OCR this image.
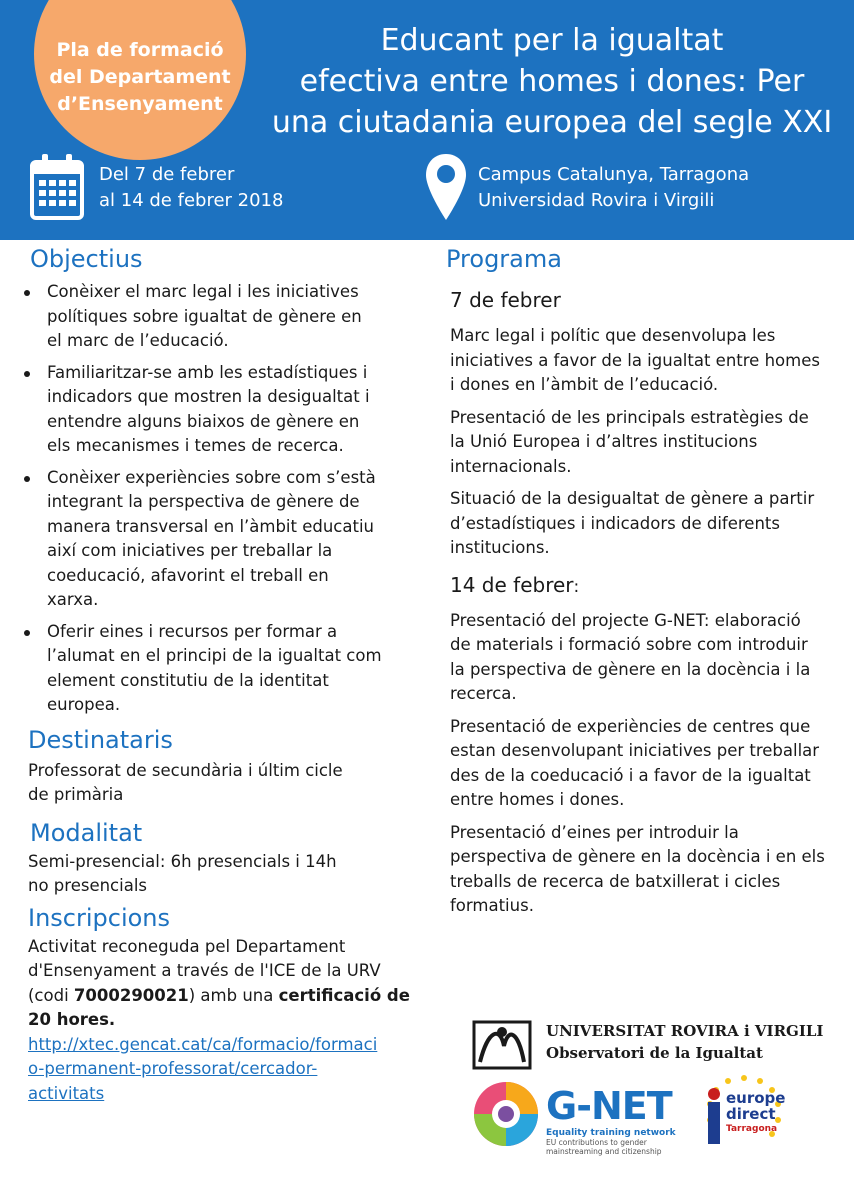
Pla de formació
del Departament
d’Ensenyament
Educant per la igualtat
efectiva entre homes i dones: Per
una ciutadania europea del segle XXI
Del 7 de febrer
al 14 de febrer 2018
Campus Catalunya, Tarragona
Universidad Rovira i Virgili
Objectius
Conèixer el marc legal i les iniciatives
polítiques sobre igualtat de gènere en
el marc de l’educació.
Familiaritzar-se amb les estadístiques i
indicadors que mostren la desigualtat i
entendre alguns biaixos de gènere en
els mecanismes i temes de recerca.
Conèixer experiències sobre com s’està
integrant la perspectiva de gènere de
manera transversal en l’àmbit educatiu
així com iniciatives per treballar la
coeducació, afavorint el treball en
xarxa.
Oferir eines i recursos per formar a
l’alumat en el principi de la igualtat com
element constitutiu de la identitat
europea.
Destinataris
Professorat de secundària i últim cicle
de primària
Modalitat
Semi-presencial: 6h presencials i 14h
no presencials
Inscripcions
Activitat reconeguda pel Departament
d'Ensenyament a través de l'ICE de la URV
(codi 7000290021) amb una certificació de
20 hores.
http://xtec.gencat.cat/ca/formacio/formaci
o-permanent-professorat/cercador-
activitats
Programa
7 de febrer
Marc legal i polític que desenvolupa les
iniciatives a favor de la igualtat entre homes
i dones en l’àmbit de l’educació.
Presentació de les principals estratègies de
la Unió Europea i d’altres institucions
internacionals.
Situació de la desigualtat de gènere a partir
d’estadístiques i indicadors de diferents
institucions.
14 de febrer:
Presentació del projecte G-NET: elaboració
de materials i formació sobre com introduir
la perspectiva de gènere en la docència i la
recerca.
Presentació de experiències de centres que
estan desenvolupant iniciatives per treballar
des de la coeducació i a favor de la igualtat
entre homes i dones.
Presentació d’eines per introduir la
perspectiva de gènere en la docència i en els
treballs de recerca de batxillerat i cicles
formatius.
UNIVERSITAT ROVIRA i VIRGILI
Observatori de la Igualtat
G-NET
Equality training network
EU contributions to gender
mainstreaming and citizenship
europe
direct
Tarragona
